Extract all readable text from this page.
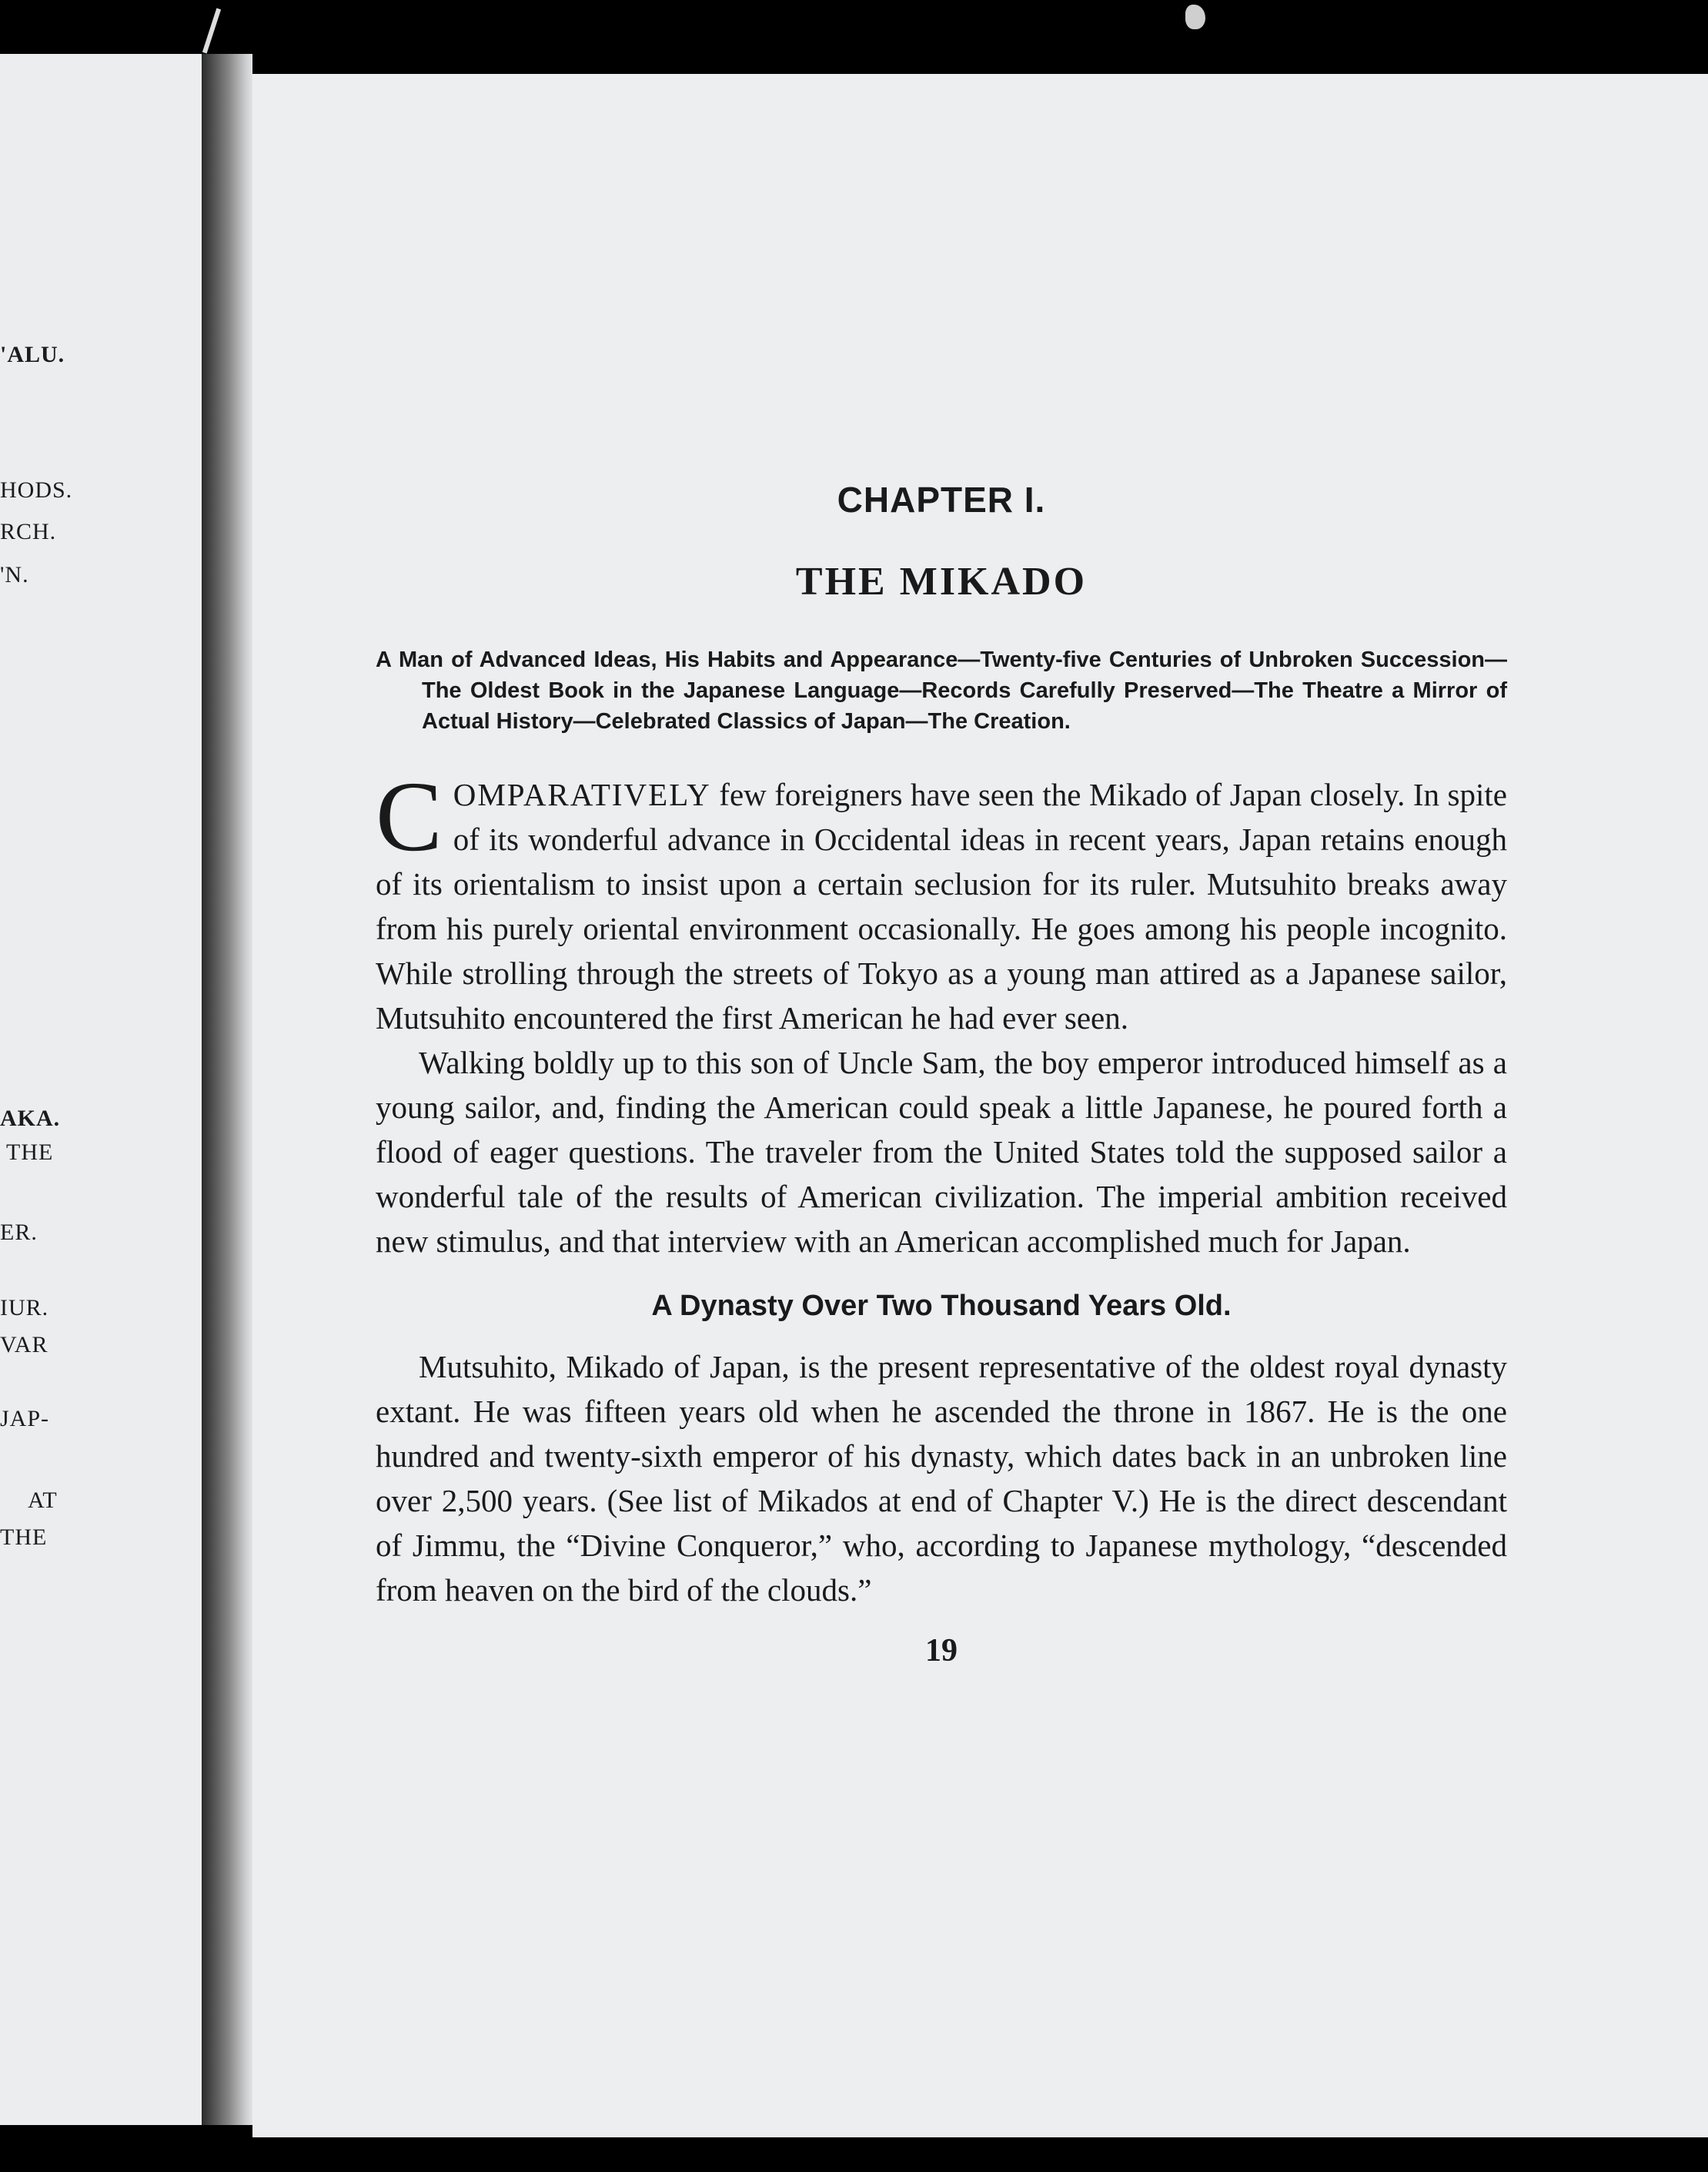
'ALU.
HODS.
RCH.
'N.
AKA.
THE
ER.
IUR.
VAR
JAP-
AT
THE
CHAPTER I.
THE MIKADO

A Man of Advanced Ideas, His Habits and Appearance—Twenty-five Centuries of Unbroken Succession—The Oldest Book in the Japanese Language—Records Carefully Preserved—The Theatre a Mirror of Actual History—Celebrated Classics of Japan—The Creation.

COMPARATIVELY few foreigners have seen the Mikado of Japan closely. In spite of its wonderful advance in Occidental ideas in recent years, Japan retains enough of its orientalism to insist upon a certain seclusion for its ruler. Mutsuhito breaks away from his purely oriental environment occasionally. He goes among his people incognito. While strolling through the streets of Tokyo as a young man attired as a Japanese sailor, Mutsuhito encountered the first American he had ever seen.

Walking boldly up to this son of Uncle Sam, the boy emperor introduced himself as a young sailor, and, finding the American could speak a little Japanese, he poured forth a flood of eager questions. The traveler from the United States told the supposed sailor a wonderful tale of the results of American civilization. The imperial ambition received new stimulus, and that interview with an American accomplished much for Japan.

A Dynasty Over Two Thousand Years Old.

Mutsuhito, Mikado of Japan, is the present representative of the oldest royal dynasty extant. He was fifteen years old when he ascended the throne in 1867. He is the one hundred and twenty-sixth emperor of his dynasty, which dates back in an unbroken line over 2,500 years. (See list of Mikados at end of Chapter V.) He is the direct descendant of Jimmu, the “Divine Conqueror,” who, according to Japanese mythology, “descended from heaven on the bird of the clouds.”

19
